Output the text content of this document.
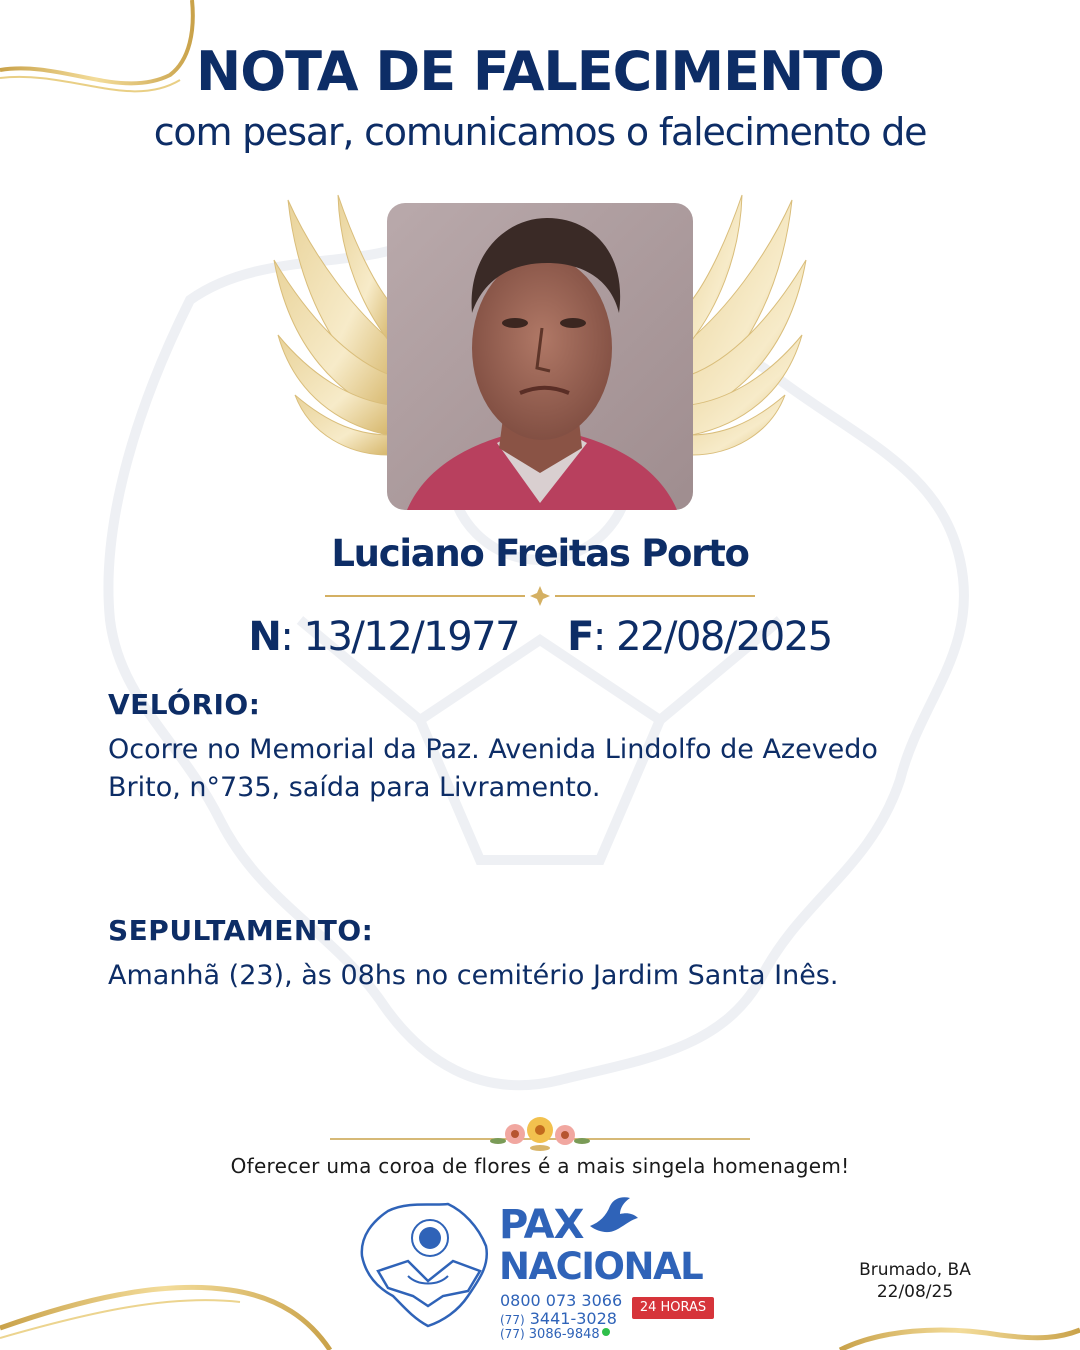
NOTA DE FALECIMENTO
com pesar, comunicamos o falecimento de
Luciano Freitas Porto
N: 13/12/1977 F: 22/08/2025
VELÓRIO:
Ocorre no Memorial da Paz. Avenida Lindolfo de Azevedo Brito, n°735, saída para Livramento.
SEPULTAMENTO:
Amanhã (23), às 08hs no cemitério Jardim Santa Inês.
Oferecer uma coroa de flores é a mais singela homenagem!
PAX
NACIONAL
0800 073 3066	24 HORAS
(77) 3441-3028
(77) 3086-9848
Brumado, BA
22/08/25
